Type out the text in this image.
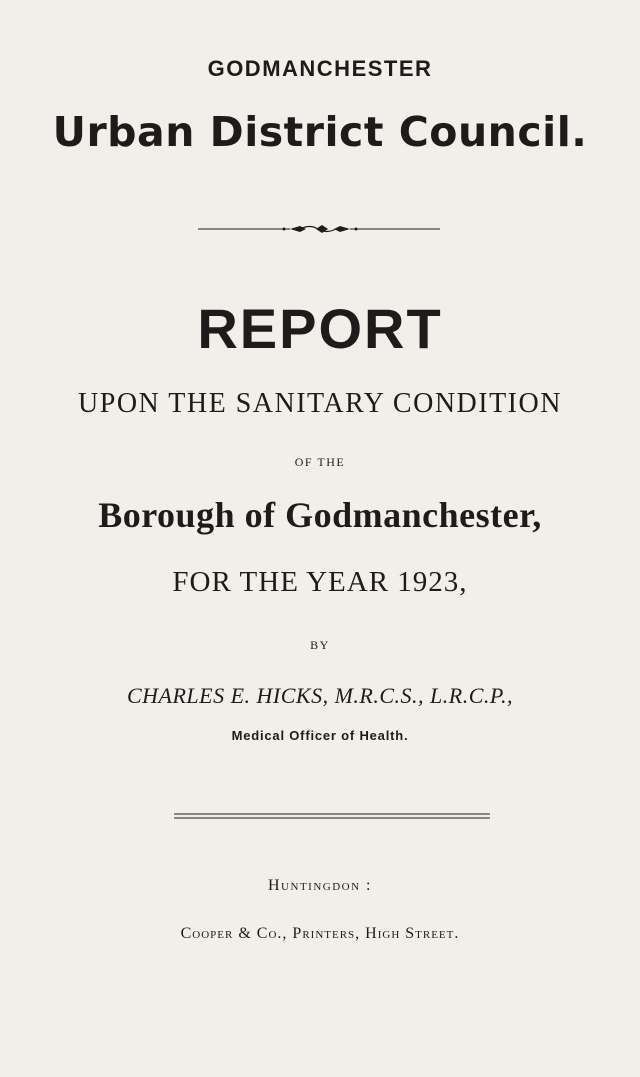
GODMANCHESTER
Urban District Council.
REPORT
UPON THE SANITARY CONDITION
OF THE
Borough of Godmanchester,
FOR THE YEAR 1923,
BY
CHARLES E. HICKS, M.R.C.S., L.R.C.P.,
Medical Officer of Health.
Huntingdon :
Cooper & Co., Printers, High Street.
